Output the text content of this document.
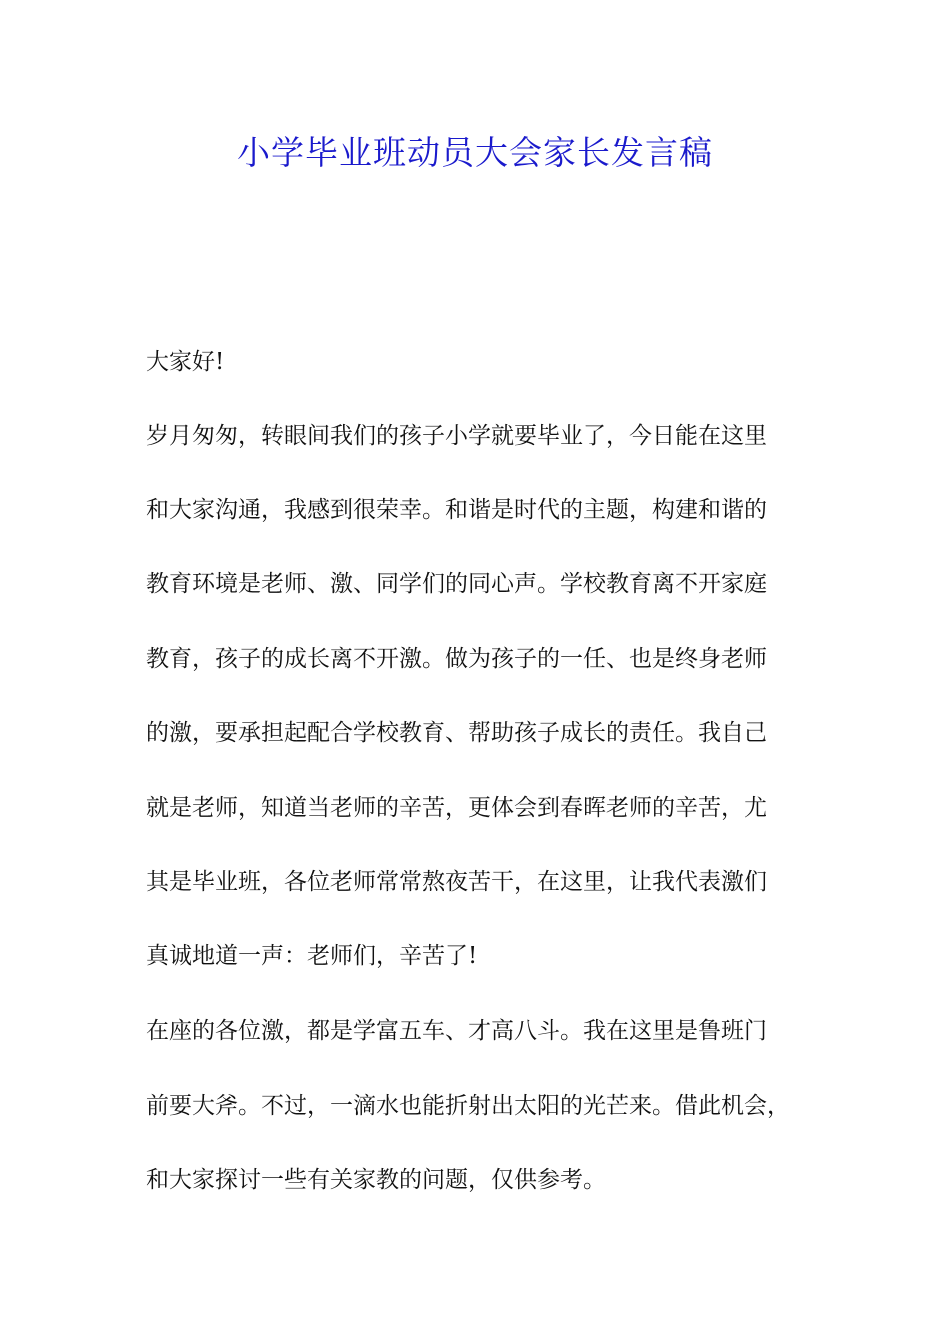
小学毕业班动员大会家长发言稿
大家好!
岁月匆匆，转眼间我们的孩子小学就要毕业了，今日能在这里
和大家沟通，我感到很荣幸。和谐是时代的主题，构建和谐的
教育环境是老师、激、同学们的同心声。学校教育离不开家庭
教育，孩子的成长离不开激。做为孩子的一任、也是终身老师
的激，要承担起配合学校教育、帮助孩子成长的责任。我自己
就是老师，知道当老师的辛苦，更体会到春晖老师的辛苦，尤
其是毕业班，各位老师常常熬夜苦干，在这里，让我代表激们
真诚地道一声：老师们，辛苦了!
在座的各位激，都是学富五车、才高八斗。我在这里是鲁班门
前要大斧。不过，一滴水也能折射出太阳的光芒来。借此机会，
和大家探讨一些有关家教的问题，仅供参考。
